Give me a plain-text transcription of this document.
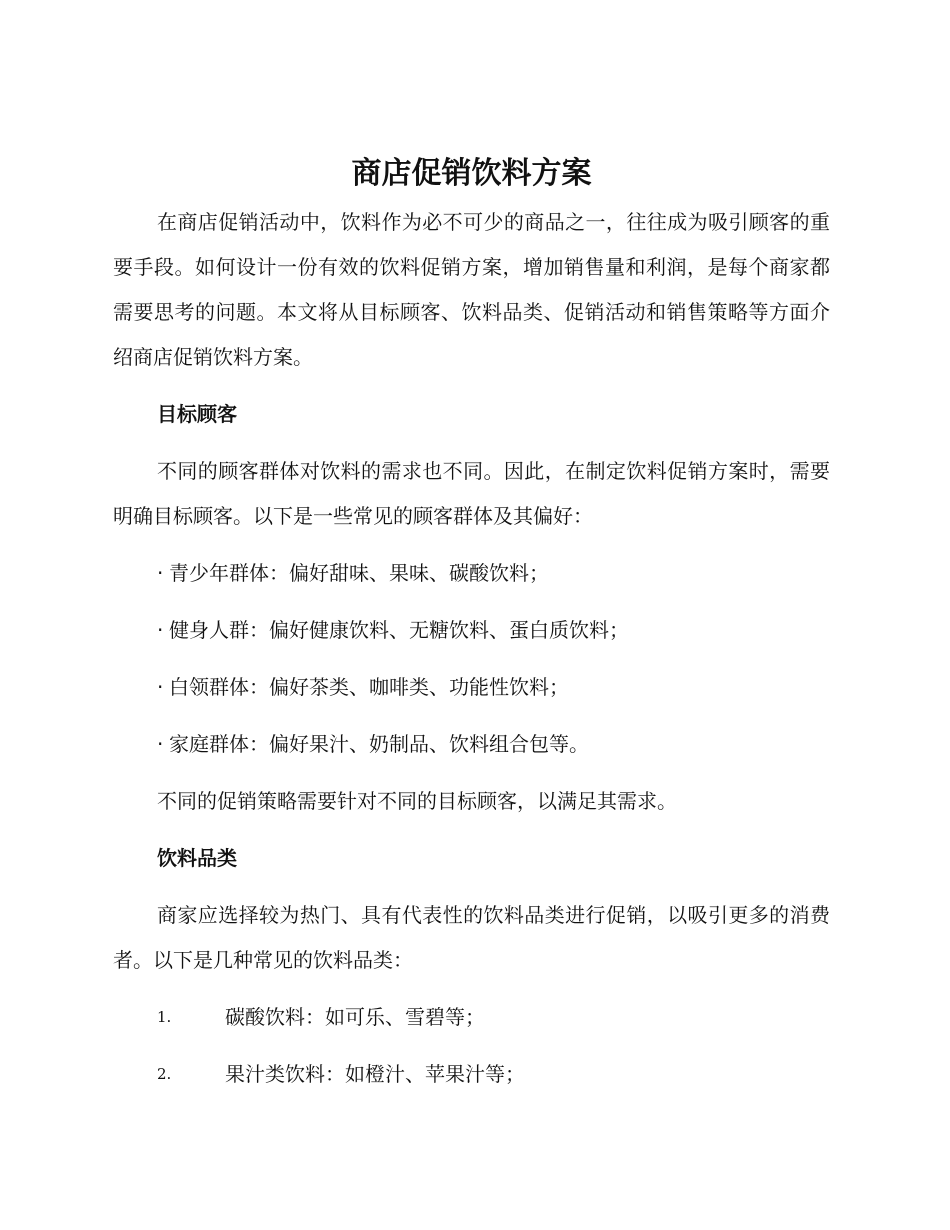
商店促销饮料方案

在商店促销活动中，饮料作为必不可少的商品之一，往往成为吸引顾客的重要手段。如何设计一份有效的饮料促销方案，增加销售量和利润，是每个商家都需要思考的问题。本文将从目标顾客、饮料品类、促销活动和销售策略等方面介绍商店促销饮料方案。

目标顾客

不同的顾客群体对饮料的需求也不同。因此，在制定饮料促销方案时，需要明确目标顾客。以下是一些常见的顾客群体及其偏好：

· 青少年群体：偏好甜味、果味、碳酸饮料；
· 健身人群：偏好健康饮料、无糖饮料、蛋白质饮料；
· 白领群体：偏好茶类、咖啡类、功能性饮料；
· 家庭群体：偏好果汁、奶制品、饮料组合包等。

不同的促销策略需要针对不同的目标顾客，以满足其需求。

饮料品类

商家应选择较为热门、具有代表性的饮料品类进行促销，以吸引更多的消费者。以下是几种常见的饮料品类：

1.	碳酸饮料：如可乐、雪碧等；
2.	果汁类饮料：如橙汁、苹果汁等；
